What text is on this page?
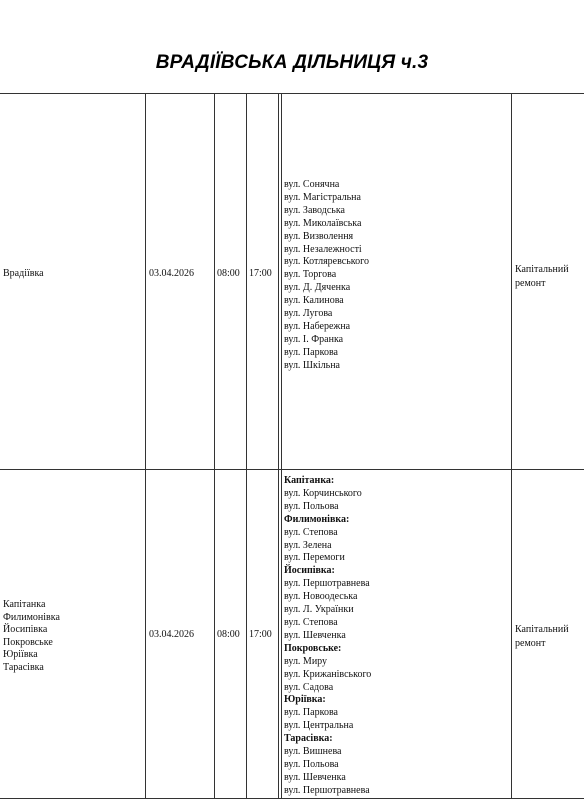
ВРАДІЇВСЬКА ДІЛЬНИЦЯ ч.3
Врадіївка	03.04.2026 08:00 17:00
вул. Сонячна
вул. Магістральна
вул. Заводська
вул. Миколаївська
вул. Визволення
вул. Незалежності
вул. Котляревського
вул. Торгова
вул. Д. Дяченка
вул. Калинова
вул. Лугова
вул. Набережна
вул. І. Франка
вул. Паркова
вул. Шкільна
Капітальний
ремонт
Капітанка
Филимонівка
Йосипівка
Покровське
Юріївка
Тарасівка
03.04.2026 08:00 17:00
Капітанка:
вул. Корчинського
вул. Польова
Филимонівка:
вул. Степова
вул. Зелена
вул. Перемоги
Йосипівка:
вул. Першотравнева
вул. Новоодеська
вул. Л. Українки
вул. Степова
вул. Шевченка
Покровське:
вул. Миру
вул. Крижанівського
вул. Садова
Юріївка:
вул. Паркова
вул. Центральна
Тарасівка:
вул. Вишнева
вул. Польова
вул. Шевченка
вул. Першотравнева
Капітальний
ремонт
